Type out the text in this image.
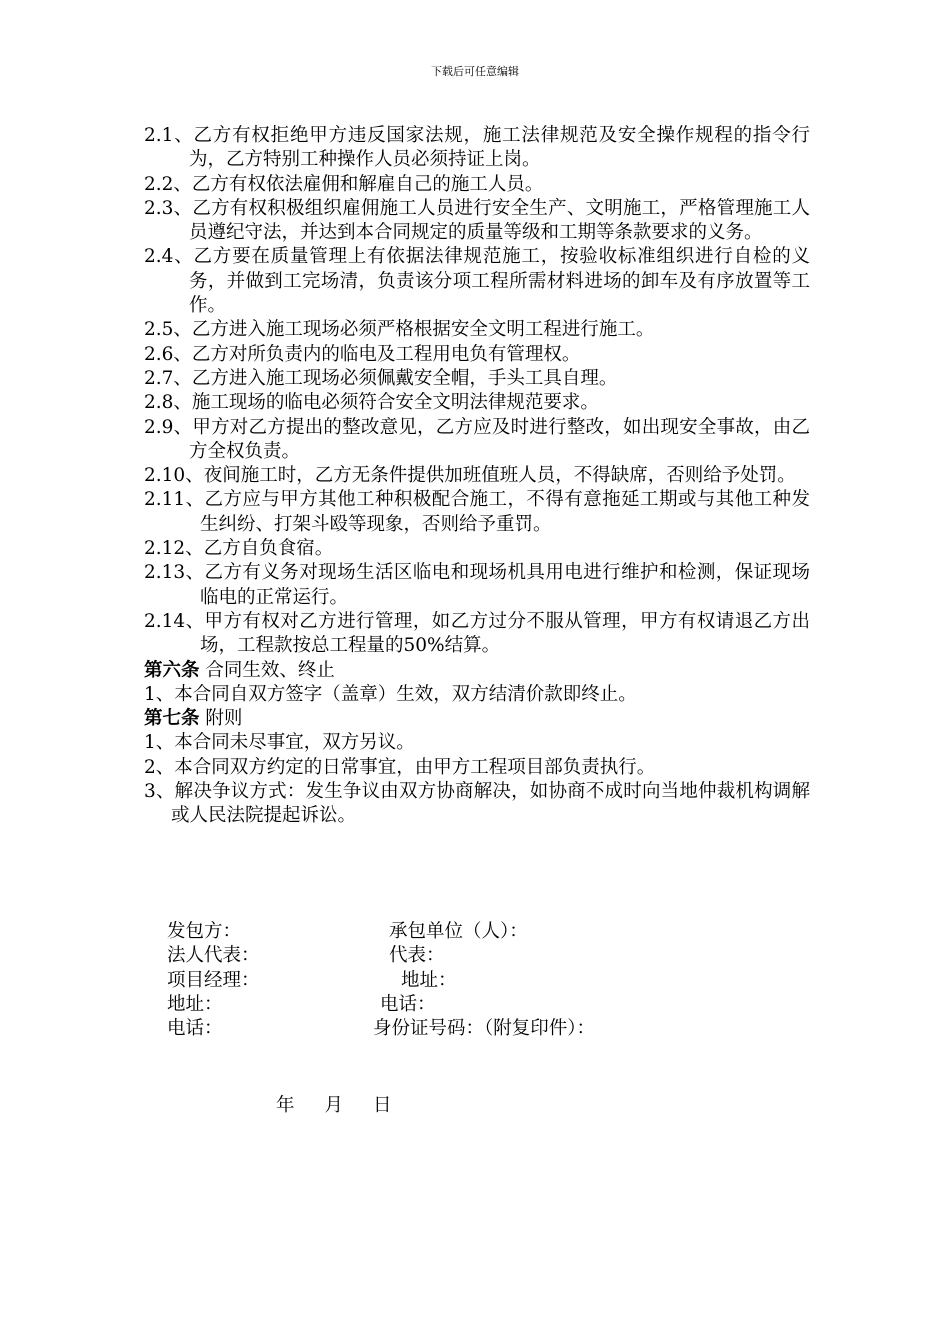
下载后可任意编辑

2.1、乙方有权拒绝甲方违反国家法规，施工法律规范及安全操作规程的指令行为，乙方特别工种操作人员必须持证上岗。

2.2、乙方有权依法雇佣和解雇自己的施工人员。

2.3、乙方有权积极组织雇佣施工人员进行安全生产、文明施工，严格管理施工人员遵纪守法，并达到本合同规定的质量等级和工期等条款要求的义务。

2.4、乙方要在质量管理上有依据法律规范施工，按验收标准组织进行自检的义务，并做到工完场清，负责该分项工程所需材料进场的卸车及有序放置等工作。

2.5、乙方进入施工现场必须严格根据安全文明工程进行施工。

2.6、乙方对所负责内的临电及工程用电负有管理权。

2.7、乙方进入施工现场必须佩戴安全帽，手头工具自理。

2.8、施工现场的临电必须符合安全文明法律规范要求。

2.9、甲方对乙方提出的整改意见，乙方应及时进行整改，如出现安全事故，由乙方全权负责。

2.10、夜间施工时，乙方无条件提供加班值班人员，不得缺席，否则给予处罚。

2.11、乙方应与甲方其他工种积极配合施工，不得有意拖延工期或与其他工种发生纠纷、打架斗殴等现象，否则给予重罚。

2.12、乙方自负食宿。

2.13、乙方有义务对现场生活区临电和现场机具用电进行维护和检测，保证现场临电的正常运行。

2.14、甲方有权对乙方进行管理，如乙方过分不服从管理，甲方有权请退乙方出场，工程款按总工程量的50%结算。

第六条 合同生效、终止

1、本合同自双方签字（盖章）生效，双方结清价款即终止。

第七条 附则

1、本合同未尽事宜，双方另议。

2、本合同双方约定的日常事宜，由甲方工程项目部负责执行。

3、解决争议方式：发生争议由双方协商解决，如协商不成时向当地仲裁机构调解或人民法院提起诉讼。

发包方：	承包单位（人）：
法人代表：	代表：
项目经理：	地址：
地址：	电话：
电话：	身份证号码：（附复印件）：
年 月 日
